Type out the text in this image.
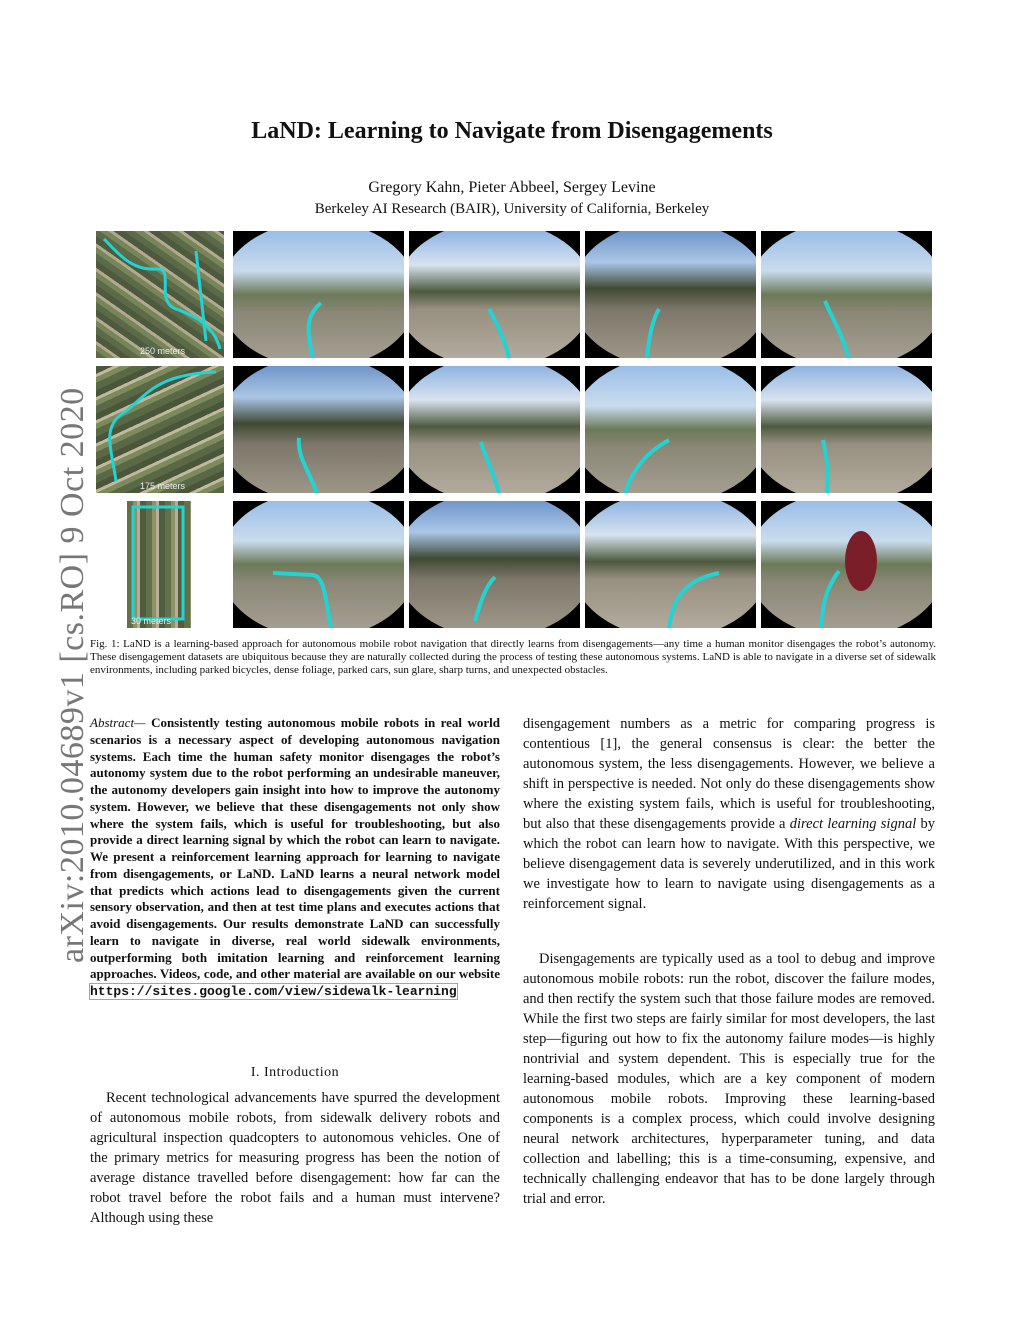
arXiv:2010.04689v1 [cs.RO] 9 Oct 2020
LaND: Learning to Navigate from Disengagements
Gregory Kahn, Pieter Abbeel, Sergey Levine
Berkeley AI Research (BAIR), University of California, Berkeley
250 meters
175 meters
30 meters
Fig. 1: LaND is a learning-based approach for autonomous mobile robot navigation that directly learns from disengagements—any time a human monitor disengages the robot’s autonomy. These disengagement datasets are ubiquitous because they are naturally collected during the process of testing these autonomous systems. LaND is able to navigate in a diverse set of sidewalk environments, including parked bicycles, dense foliage, parked cars, sun glare, sharp turns, and unexpected obstacles.
Abstract— Consistently testing autonomous mobile robots in real world scenarios is a necessary aspect of developing autonomous navigation systems. Each time the human safety monitor disengages the robot’s autonomy system due to the robot performing an undesirable maneuver, the autonomy developers gain insight into how to improve the autonomy system. However, we believe that these disengagements not only show where the system fails, which is useful for troubleshooting, but also provide a direct learning signal by which the robot can learn to navigate. We present a reinforcement learning approach for learning to navigate from disengagements, or LaND. LaND learns a neural network model that predicts which actions lead to disengagements given the current sensory observation, and then at test time plans and executes actions that avoid disengagements. Our results demonstrate LaND can successfully learn to navigate in diverse, real world sidewalk environments, outperforming both imitation learning and reinforcement learning approaches. Videos, code, and other material are available on our website https://sites.google.com/view/sidewalk-learning
I. Introduction
Recent technological advancements have spurred the development of autonomous mobile robots, from sidewalk delivery robots and agricultural inspection quadcopters to autonomous vehicles. One of the primary metrics for measuring progress has been the notion of average distance travelled before disengagement: how far can the robot travel before the robot fails and a human must intervene? Although using these
disengagement numbers as a metric for comparing progress is contentious [1], the general consensus is clear: the better the autonomous system, the less disengagements. However, we believe a shift in perspective is needed. Not only do these disengagements show where the existing system fails, which is useful for troubleshooting, but also that these disengagements provide a direct learning signal by which the robot can learn how to navigate. With this perspective, we believe disengagement data is severely underutilized, and in this work we investigate how to learn to navigate using disengagements as a reinforcement signal.
Disengagements are typically used as a tool to debug and improve autonomous mobile robots: run the robot, discover the failure modes, and then rectify the system such that those failure modes are removed. While the first two steps are fairly similar for most developers, the last step—figuring out how to fix the autonomy failure modes—is highly nontrivial and system dependent. This is especially true for the learning-based modules, which are a key component of modern autonomous mobile robots. Improving these learning-based components is a complex process, which could involve designing neural network architectures, hyperparameter tuning, and data collection and labelling; this is a time-consuming, expensive, and technically challenging endeavor that has to be done largely through trial and error.
